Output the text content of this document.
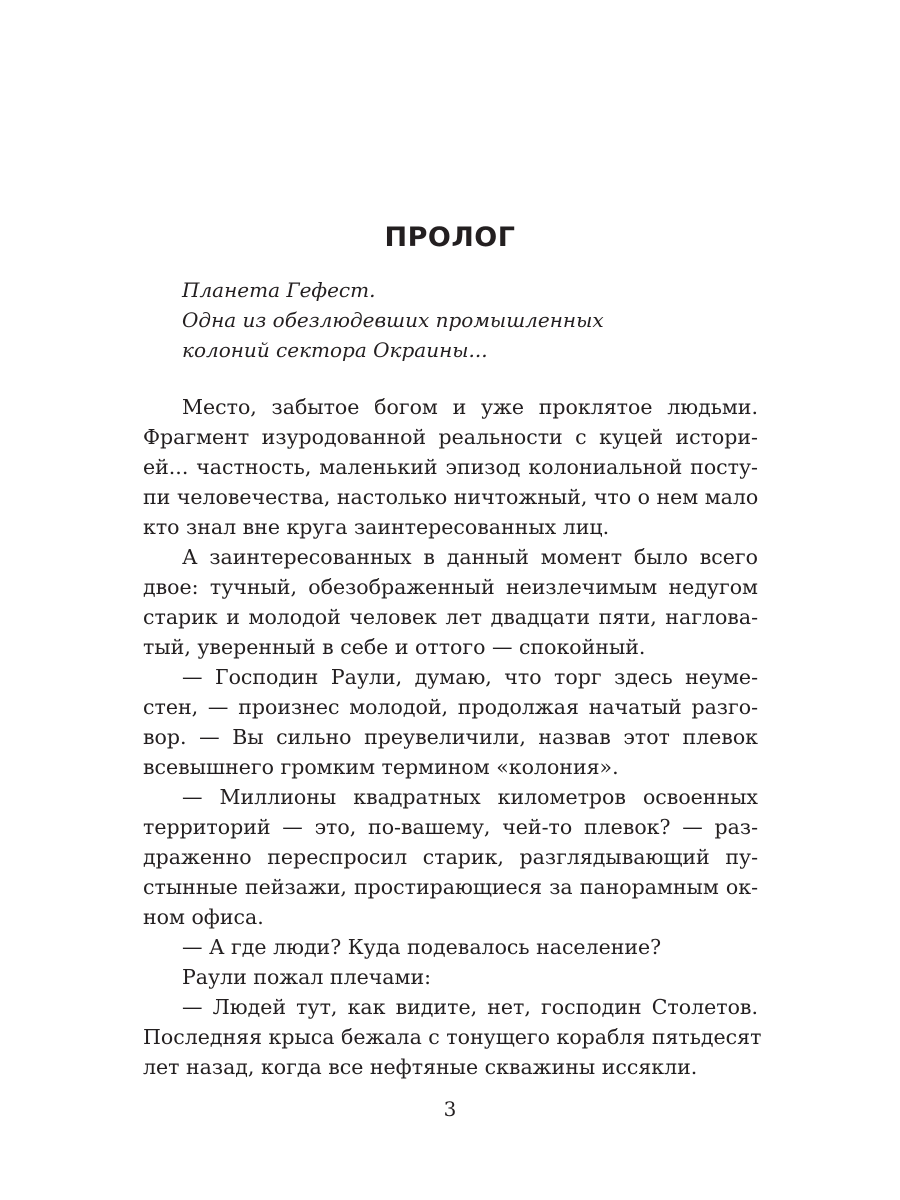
ПРОЛОГ
Планета Гефест.
Одна из обезлюдевших промышленных
колоний сектора Окраины...
Место, забытое богом и уже проклятое людьми.
Фрагмент изуродованной реальности с куцей истори-
ей... частность, маленький эпизод колониальной посту-
пи человечества, настолько ничтожный, что о нем мало
кто знал вне круга заинтересованных лиц.
А заинтересованных в данный момент было всего
двое: тучный, обезображенный неизлечимым недугом
старик и молодой человек лет двадцати пяти, наглова-
тый, уверенный в себе и оттого — спокойный.
— Господин Раули, думаю, что торг здесь неуме-
стен, — произнес молодой, продолжая начатый разго-
вор. — Вы сильно преувеличили, назвав этот плевок
всевышнего громким термином «колония».
— Миллионы квадратных километров освоенных
территорий — это, по-вашему, чей-то плевок? — раз-
драженно переспросил старик, разглядывающий пу-
стынные пейзажи, простирающиеся за панорамным ок-
ном офиса.
— А где люди? Куда подевалось население?
Раули пожал плечами:
— Людей тут, как видите, нет, господин Столетов.
Последняя крыса бежала с тонущего корабля пятьдесят
лет назад, когда все нефтяные скважины иссякли.
3
